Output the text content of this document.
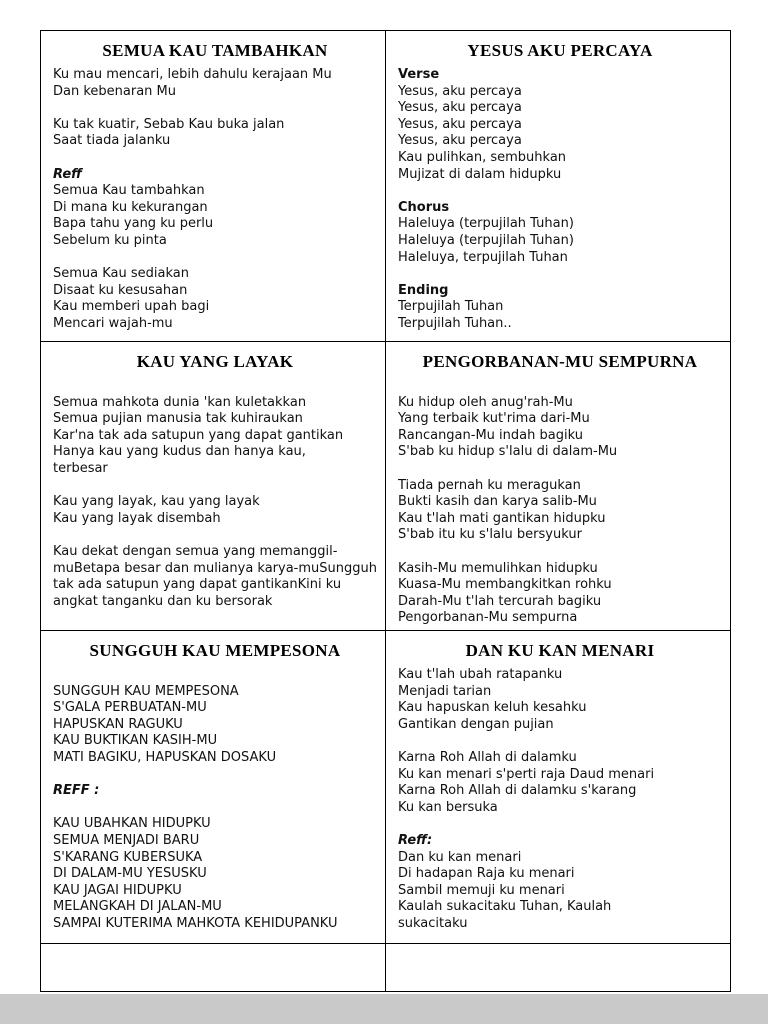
SEMUA KAU TAMBAHKAN
Ku mau mencari, lebih dahulu kerajaan Mu
Dan kebenaran Mu

Ku tak kuatir, Sebab Kau buka jalan
Saat tiada jalanku

Reff
Semua Kau tambahkan
Di mana ku kekurangan
Bapa tahu yang ku perlu
Sebelum ku pinta

Semua Kau sediakan
Disaat ku kesusahan
Kau memberi upah bagi
Mencari wajah-mu
YESUS AKU PERCAYA
Verse
Yesus, aku percaya
Yesus, aku percaya
Yesus, aku percaya
Yesus, aku percaya
Kau pulihkan, sembuhkan
Mujizat di dalam hidupku

Chorus
Haleluya (terpujilah Tuhan)
Haleluya (terpujilah Tuhan)
Haleluya, terpujilah Tuhan

Ending
Terpujilah Tuhan
Terpujilah Tuhan..
KAU YANG LAYAK

Semua mahkota dunia 'kan kuletakkan
Semua pujian manusia tak kuhiraukan
Kar'na tak ada satupun yang dapat gantikan
Hanya kau yang kudus dan hanya kau,
terbesar

Kau yang layak, kau yang layak
Kau yang layak disembah

Kau dekat dengan semua yang memanggil-
muBetapa besar dan mulianya karya-muSungguh
tak ada satupun yang dapat gantikanKini ku
angkat tanganku dan ku bersorak
PENGORBANAN-MU SEMPURNA

Ku hidup oleh anug'rah-Mu
Yang terbaik kut'rima dari-Mu
Rancangan-Mu indah bagiku
S'bab ku hidup s'lalu di dalam-Mu

Tiada pernah ku meragukan
Bukti kasih dan karya salib-Mu
Kau t'lah mati gantikan hidupku
S'bab itu ku s'lalu bersyukur

Kasih-Mu memulihkan hidupku
Kuasa-Mu membangkitkan rohku
Darah-Mu t'lah tercurah bagiku
Pengorbanan-Mu sempurna
SUNGGUH KAU MEMPESONA

SUNGGUH KAU MEMPESONA
S'GALA PERBUATAN-MU
HAPUSKAN RAGUKU
KAU BUKTIKAN KASIH-MU
MATI BAGIKU, HAPUSKAN DOSAKU

REFF :

KAU UBAHKAN HIDUPKU
SEMUA MENJADI BARU
S'KARANG KUBERSUKA
DI DALAM-MU YESUSKU
KAU JAGAI HIDUPKU
MELANGKAH DI JALAN-MU
SAMPAI KUTERIMA MAHKOTA KEHIDUPANKU
DAN KU KAN MENARI
Kau t'lah ubah ratapanku
Menjadi tarian
Kau hapuskan keluh kesahku
Gantikan dengan pujian

Karna Roh Allah di dalamku
Ku kan menari s'perti raja Daud menari
Karna Roh Allah di dalamku s'karang
Ku kan bersuka

Reff:
Dan ku kan menari
Di hadapan Raja ku menari
Sambil memuji ku menari
Kaulah sukacitaku Tuhan, Kaulah
sukacitaku
